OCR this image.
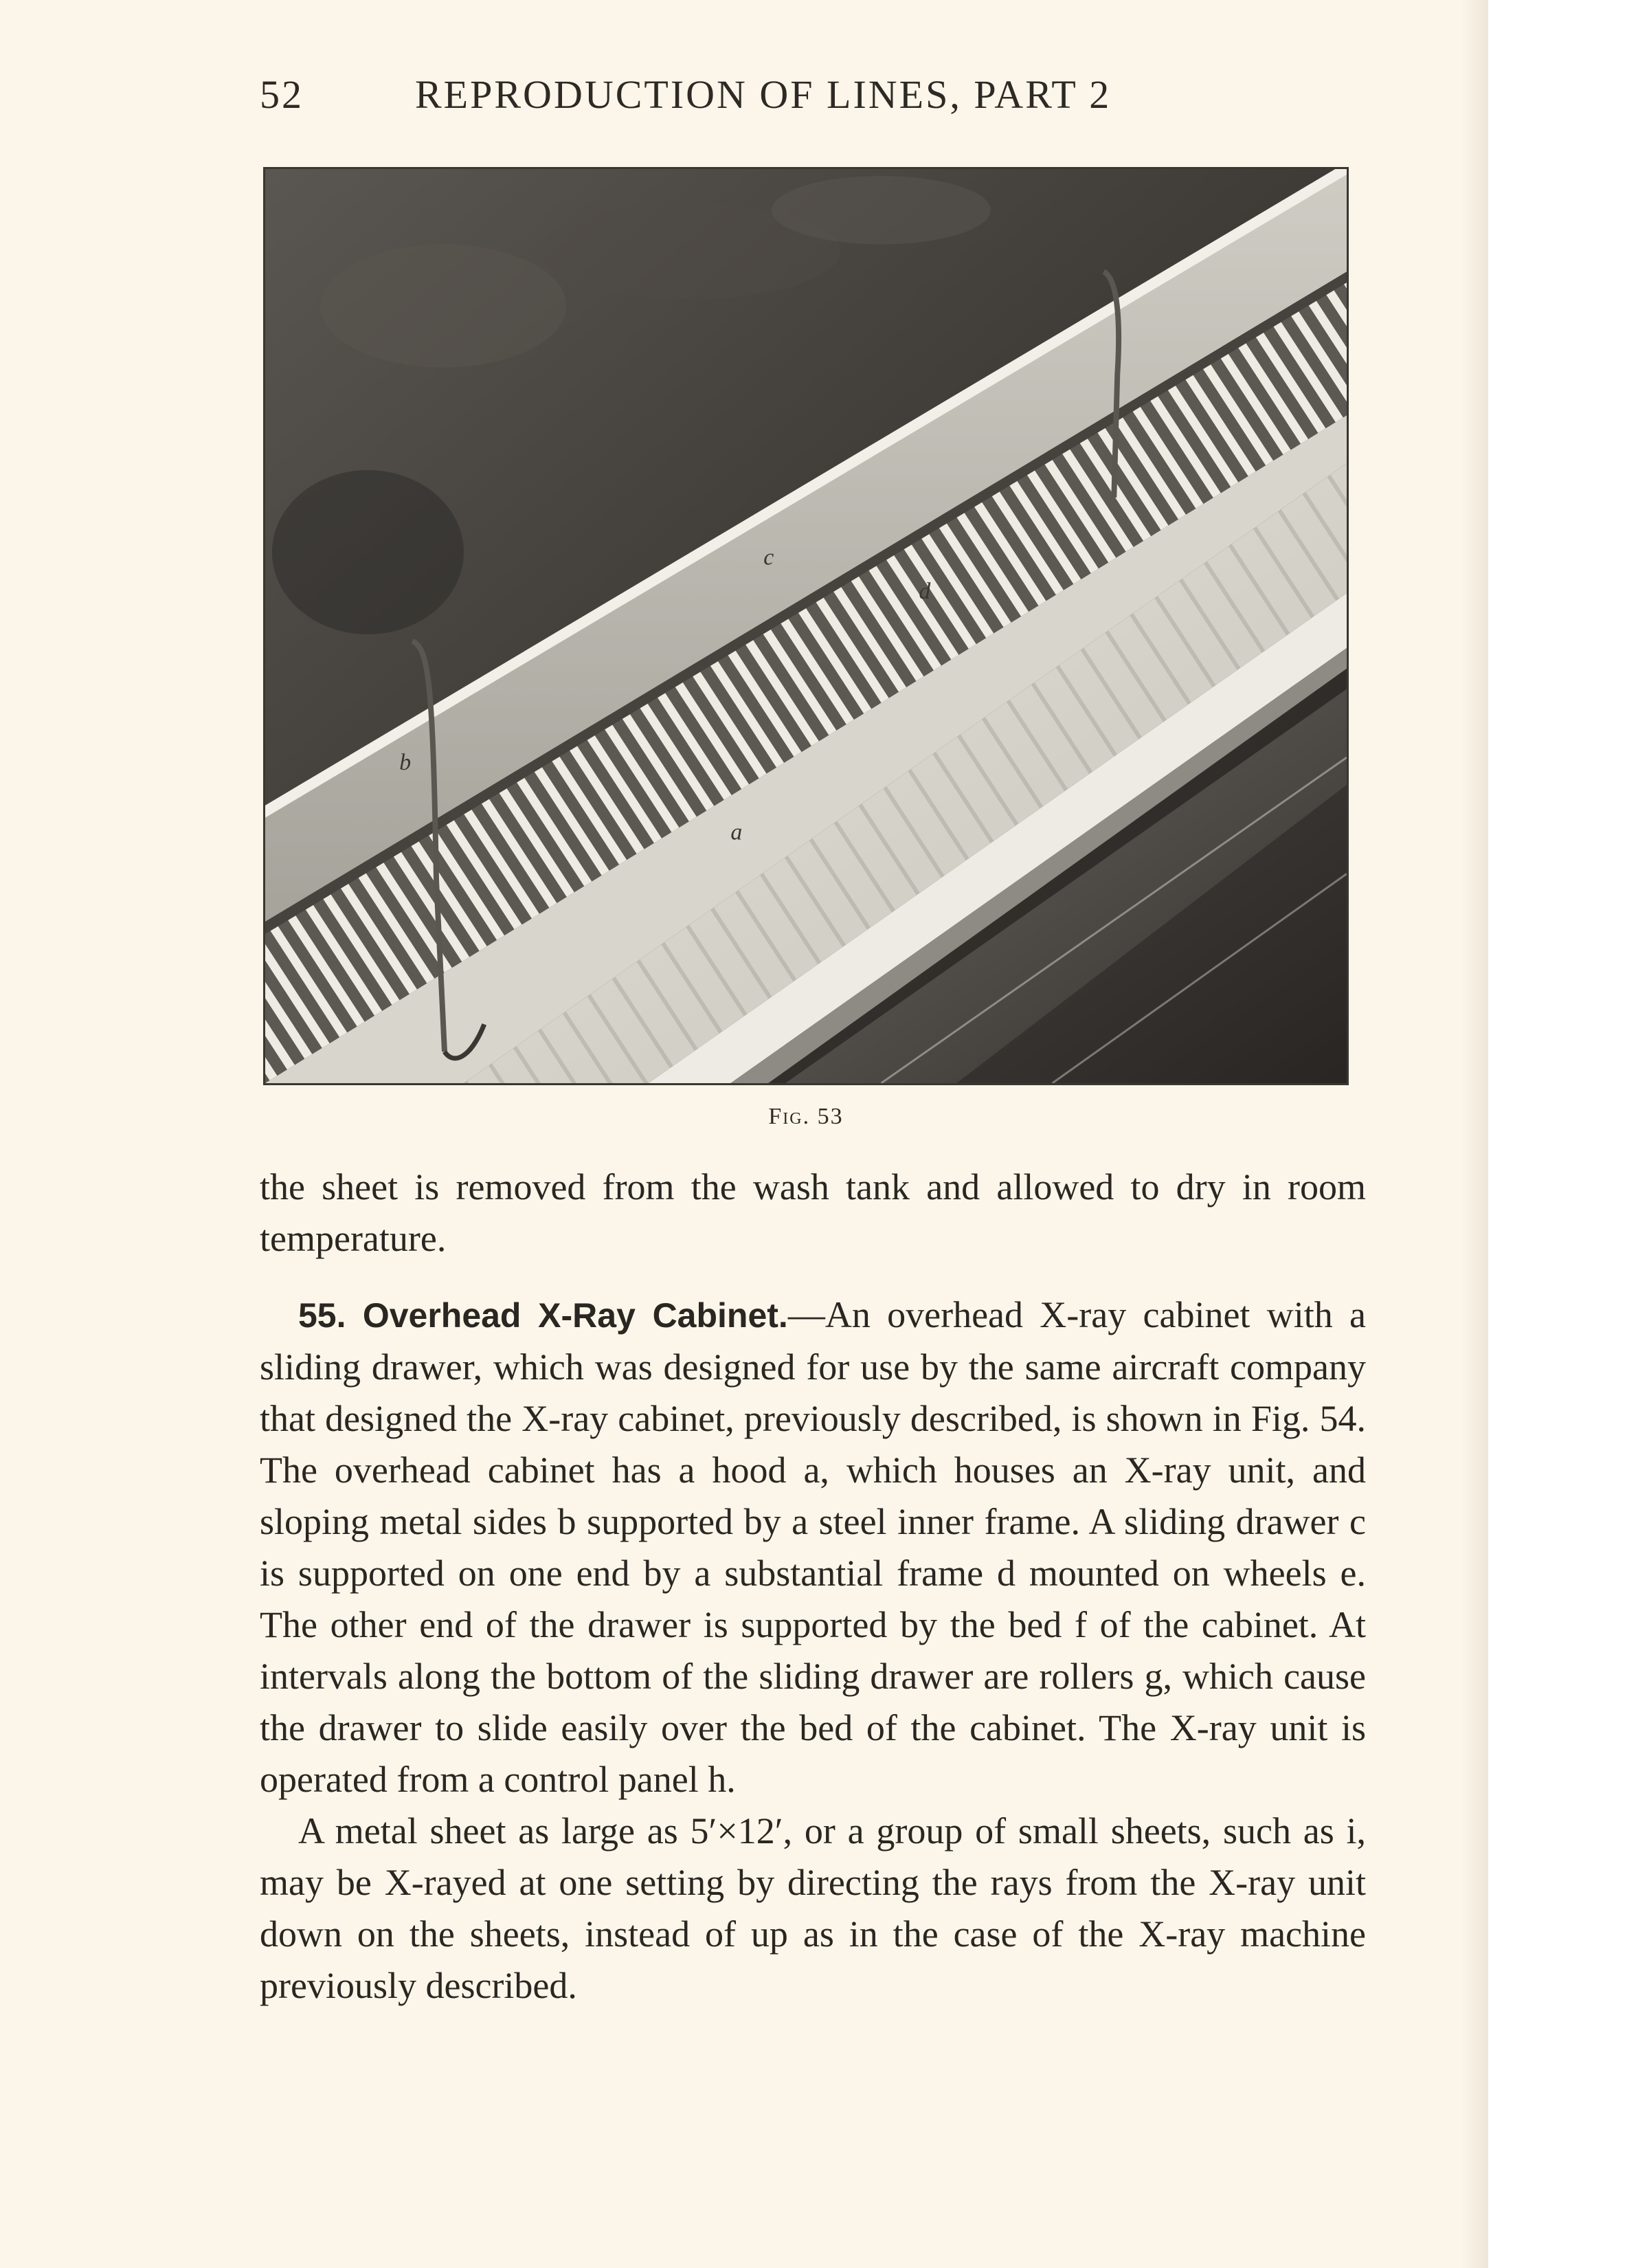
52	REPRODUCTION OF LINES, PART 2
c
d
b
a
Fig. 53

the sheet is removed from the wash tank and allowed to dry in room temperature.

55. Overhead X-Ray Cabinet.—An overhead X-ray cabinet with a sliding drawer, which was designed for use by the same aircraft company that designed the X-ray cabinet, previously described, is shown in Fig. 54. The overhead cabinet has a hood a, which houses an X-ray unit, and sloping metal sides b supported by a steel inner frame. A sliding drawer c is supported on one end by a substantial frame d mounted on wheels e. The other end of the drawer is supported by the bed f of the cabinet. At intervals along the bottom of the sliding drawer are rollers g, which cause the drawer to slide easily over the bed of the cabinet. The X-ray unit is operated from a control panel h.

A metal sheet as large as 5′×12′, or a group of small sheets, such as i, may be X-rayed at one setting by directing the rays from the X-ray unit down on the sheets, instead of up as in the case of the X-ray machine previously described.
